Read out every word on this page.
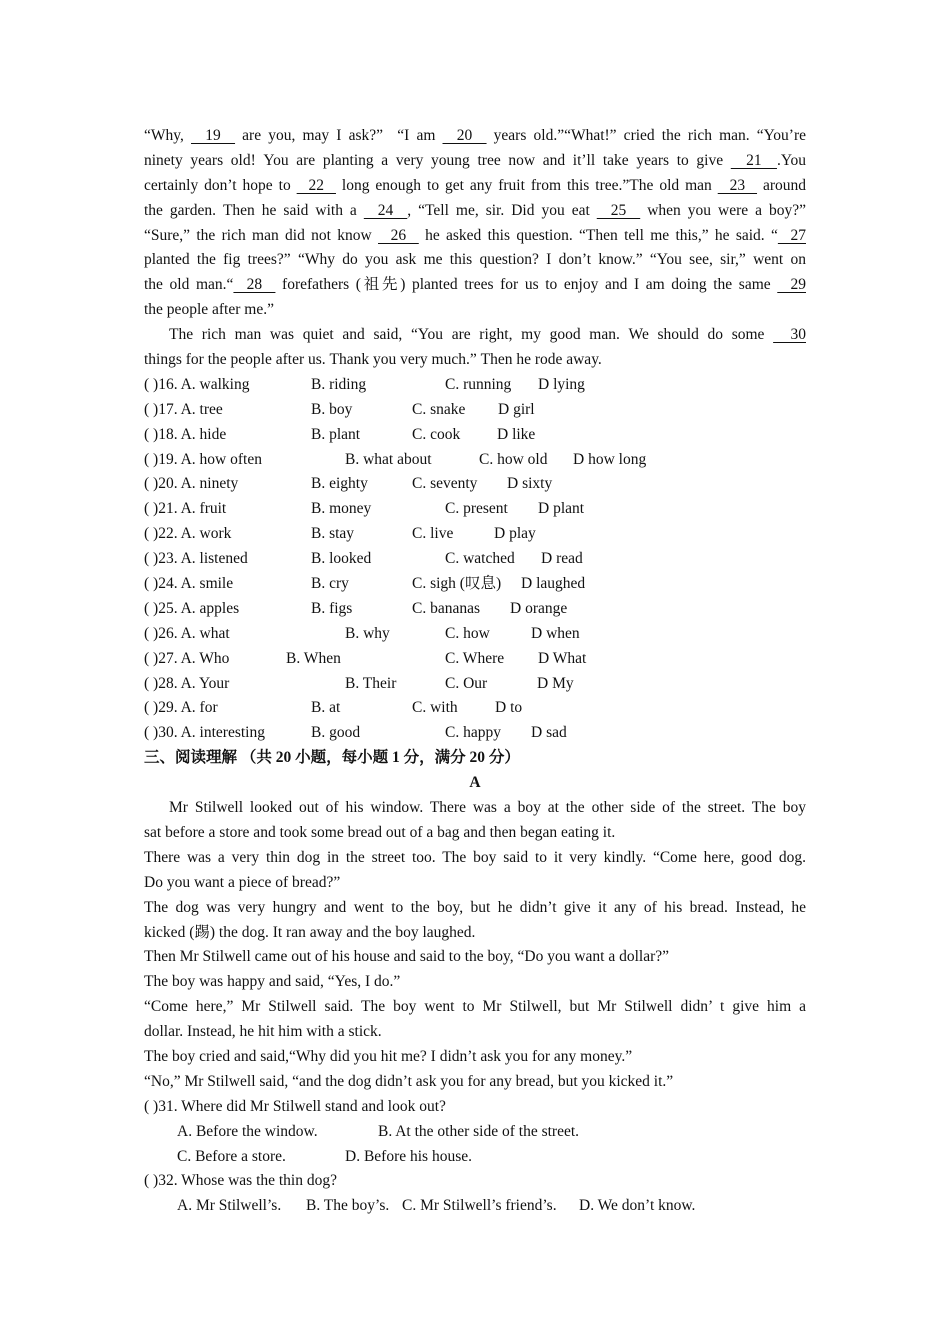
“Why,   19   are you, may I ask?”  “I am   20   years old.”“What!” cried the rich man. “You’re
ninety years old! You are planting a very young tree now and it’ll take years to give   21  .You
certainly don’t hope to   22   long enough to get any fruit from this tree.”The old man   23   around
the garden. Then he said with a   24  , “Tell me, sir. Did you eat   25   when you were a boy?”
“Sure,” the rich man did not know   26   he asked this question. “Then tell me this,” he said. “  27
planted the fig trees?” “Why do you ask me this question? I don’t know.” “You see, sir,” went on
the old man.“  28   forefathers (祖先) planted trees for us to enjoy and I am doing the same   29
the people after me.”
The rich man was quiet and said, “You are right, my good man. We should do some   30
things for the people after us. Thank you very much.” Then he rode away.
( )16. A. walking	B. riding	C. running D lying
( )17. A. tree	B. boy	C. snake D girl
( )18. A. hide	B. plant	C. cook D like
( )19. A. how often	B. what about	C. how old D how long
( )20. A. ninety	B. eighty	C. seventy D sixty
( )21. A. fruit	B. money	C. present D plant
( )22. A. work	B. stay	C. live	D play
( )23. A. listened	B. looked	C. watched D read
( )24. A. smile	B. cry	C. sigh (叹息) D laughed
( )25. A. apples	B. figs	C. bananas D orange
( )26. A. what	B. why	C. how	D when
( )27. A. Who	B. When	C. Where D What
( )28. A. Your	B. Their	C. Our	D My
( )29. A. for	B. at	C. with D to
( )30. A. interesting	B. good	C. happy D sad
三、阅读理解 （共 20 小题，每小题 1 分，满分 20 分）
A
Mr Stilwell looked out of his window. There was a boy at the other side of the street. The boy
sat before a store and took some bread out of a bag and then began eating it.
There was a very thin dog in the street too. The boy said to it very kindly. “Come here, good dog.
Do you want a piece of bread?”
The dog was very hungry and went to the boy, but he didn’t give it any of his bread. Instead, he
kicked (踢) the dog. It ran away and the boy laughed.
Then Mr Stilwell came out of his house and said to the boy, “Do you want a dollar?”
The boy was happy and said, “Yes, I do.”
“Come here,” Mr Stilwell said. The boy went to Mr Stilwell, but Mr Stilwell didn’ t give him a
dollar. Instead, he hit him with a stick.
The boy cried and said,“Why did you hit me? I didn’t ask you for any money.”
“No,” Mr Stilwell said, “and the dog didn’t ask you for any bread, but you kicked it.”
( )31. Where did Mr Stilwell stand and look out?
A. Before the window.	B. At the other side of the street.
C. Before a store.	D. Before his house.
( )32. Whose was the thin dog?
A. Mr Stilwell’s. B. The boy’s. C. Mr Stilwell’s friend’s. D. We don’t know.
